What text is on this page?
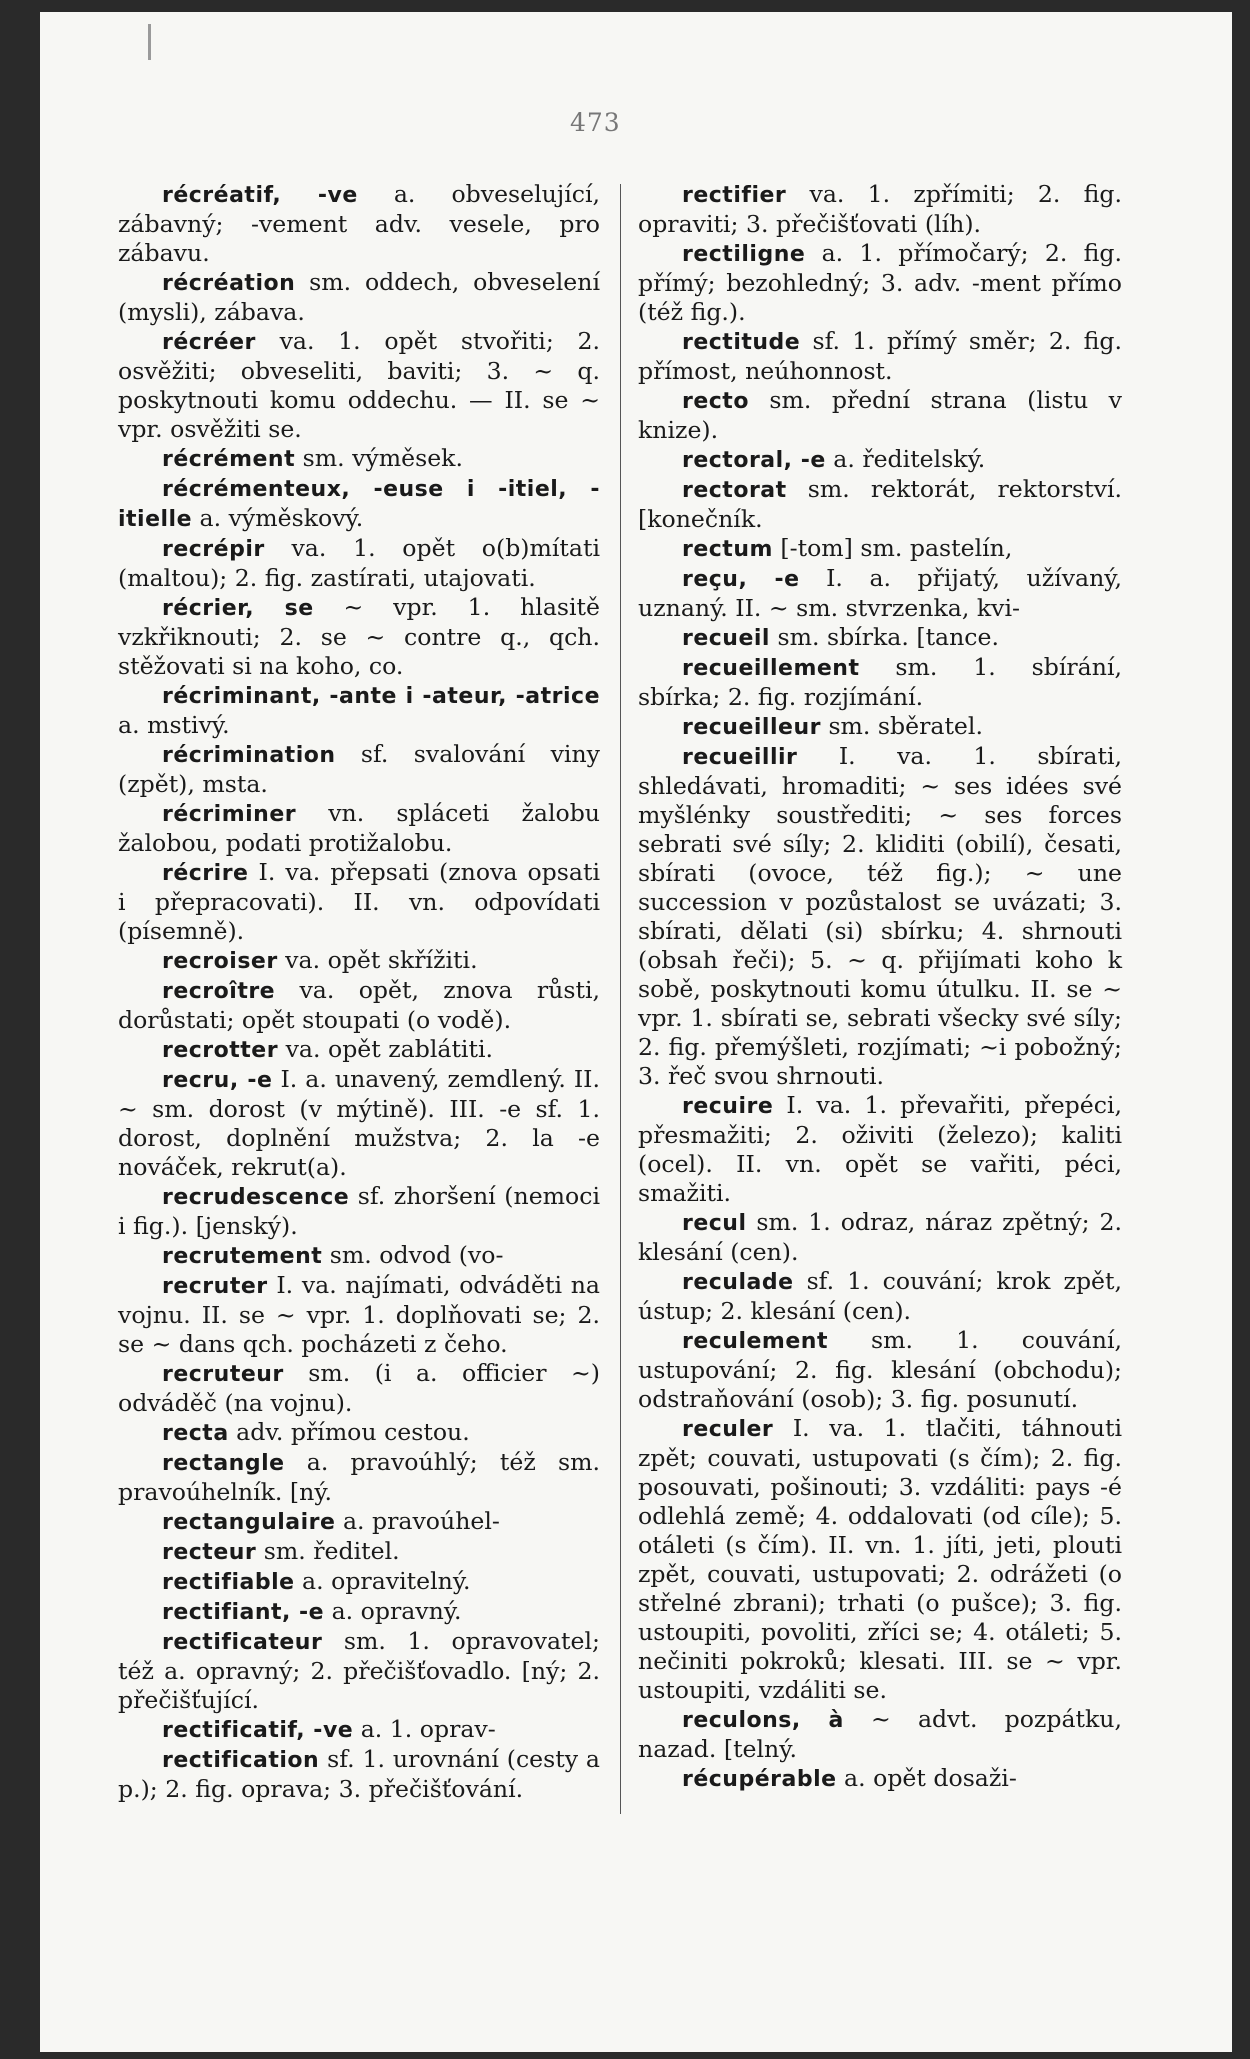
473

récréatif, -ve a. obveselující, zábavný; -vement adv. vesele, pro zábavu.

récréation sm. oddech, obveselení (mysli), zábava.

récréer va. 1. opět stvořiti; 2. osvěžiti; obveseliti, baviti; 3. ~ q. poskytnouti komu oddechu. — II. se ~ vpr. osvěžiti se.

récrément sm. výměsek.

récrémenteux, -euse i -itiel, -itielle a. výměskový.

recrépir va. 1. opět o(b)mítati (maltou); 2. fig. zastírati, utajovati.

récrier, se ~ vpr. 1. hlasitě vzkřiknouti; 2. se ~ contre q., qch. stěžovati si na koho, co.

récriminant, -ante i -ateur, -atrice a. mstivý.

récrimination sf. svalování viny (zpět), msta.

récriminer vn. spláceti žalobu žalobou, podati protižalobu.

récrire I. va. přepsati (znova opsati i přepracovati). II. vn. odpovídati (písemně).

recroiser va. opět skřížiti.

recroître va. opět, znova růsti, dorůstati; opět stoupati (o vodě).

recrotter va. opět zablátiti.

recru, -e I. a. unavený, zemdlený. II. ~ sm. dorost (v mýtině). III. -e sf. 1. dorost, doplnění mužstva; 2. la -e nováček, rekrut(a).

recrudescence sf. zhoršení (nemoci i fig.). [jenský).

recrutement sm. odvod (vo-

recruter I. va. najímati, odváděti na vojnu. II. se ~ vpr. 1. doplňovati se; 2. se ~ dans qch. pocházeti z čeho.

recruteur sm. (i a. officier ~) odváděč (na vojnu).

recta adv. přímou cestou.

rectangle a. pravoúhlý; též sm. pravoúhelník. [ný.

rectangulaire a. pravoúhel-

recteur sm. ředitel.

rectifiable a. opravitelný.

rectifiant, -e a. opravný.

rectificateur sm. 1. opravovatel; též a. opravný; 2. přečišťovadlo. [ný; 2. přečišťující.

rectificatif, -ve a. 1. oprav-

rectification sf. 1. urovnání (cesty a p.); 2. fig. oprava; 3. přečišťování.

rectifier va. 1. zpřímiti; 2. fig. opraviti; 3. přečišťovati (líh).

rectiligne a. 1. přímočarý; 2. fig. přímý; bezohledný; 3. adv. -ment přímo (též fig.).

rectitude sf. 1. přímý směr; 2. fig. přímost, neúhonnost.

recto sm. přední strana (listu v knize).

rectoral, -e a. ředitelský.

rectorat sm. rektorát, rektorství. [konečník.

rectum [-tom] sm. pastelín,

reçu, -e I. a. přijatý, užívaný, uznaný. II. ~ sm. stvrzenka, kvi-

recueil sm. sbírka. [tance.

recueillement sm. 1. sbírání, sbírka; 2. fig. rozjímání.

recueilleur sm. sběratel.

recueillir I. va. 1. sbírati, shledávati, hromaditi; ~ ses idées své myšlénky soustřediti; ~ ses forces sebrati své síly; 2. kliditi (obilí), česati, sbírati (ovoce, též fig.); ~ une succession v pozůstalost se uvázati; 3. sbírati, dělati (si) sbírku; 4. shrnouti (obsah řeči); 5. ~ q. přijímati koho k sobě, poskytnouti komu útulku. II. se ~ vpr. 1. sbírati se, sebrati všecky své síly; 2. fig. přemýšleti, rozjímati; ~i pobožný; 3. řeč svou shrnouti.

recuire I. va. 1. převařiti, přepéci, přesmažiti; 2. oživiti (železo); kaliti (ocel). II. vn. opět se vařiti, péci, smažiti.

recul sm. 1. odraz, náraz zpětný; 2. klesání (cen).

reculade sf. 1. couvání; krok zpět, ústup; 2. klesání (cen).

reculement sm. 1. couvání, ustupování; 2. fig. klesání (obchodu); odstraňování (osob); 3. fig. posunutí.

reculer I. va. 1. tlačiti, táhnouti zpět; couvati, ustupovati (s čím); 2. fig. posouvati, pošinouti; 3. vzdáliti: pays -é odlehlá země; 4. oddalovati (od cíle); 5. otáleti (s čím). II. vn. 1. jíti, jeti, plouti zpět, couvati, ustupovati; 2. odrážeti (o střelné zbrani); trhati (o pušce); 3. fig. ustoupiti, povoliti, zříci se; 4. otáleti; 5. nečiniti pokroků; klesati. III. se ~ vpr. ustoupiti, vzdáliti se.

reculons, à ~ advt. pozpátku, nazad. [telný.

récupérable a. opět dosaži-
